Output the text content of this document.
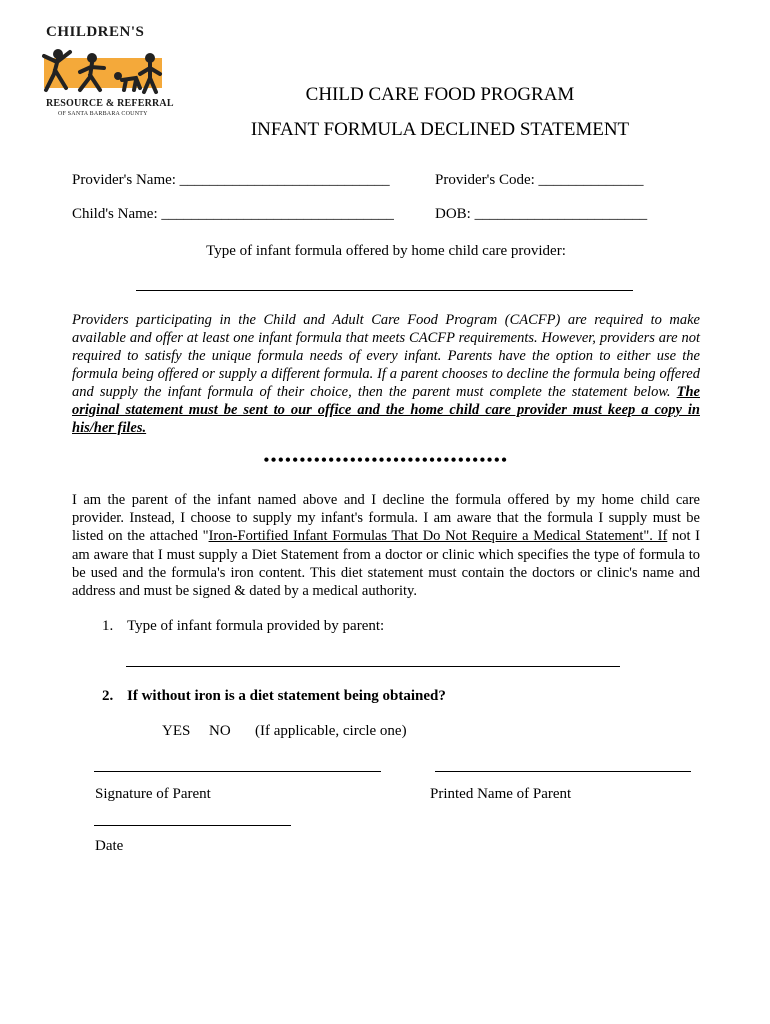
CHILDREN'S
RESOURCE & REFERRAL
OF SANTA BARBARA COUNTY
CHILD CARE FOOD PROGRAM
INFANT FORMULA DECLINED STATEMENT
Provider's Name: ____________________________	Provider's Code: ______________
Child's Name: _______________________________	DOB: _______________________
Type of infant formula offered by home child care provider:
Providers participating in the Child and Adult Care Food Program (CACFP) are required to make available and offer at least one infant formula that meets CACFP requirements. However, providers are not required to satisfy the unique formula needs of every infant. Parents have the option to either use the formula being offered or supply a different formula. If a parent chooses to decline the formula being offered and supply the infant formula of their choice, then the parent must complete the statement below. The original statement must be sent to our office and the home child care provider must keep a copy in his/her files.
••••••••••••••••••••••••••••••••••
I am the parent of the infant named above and I decline the formula offered by my home child care provider. Instead, I choose to supply my infant's formula. I am aware that the formula I supply must be listed on the attached "Iron-Fortified Infant Formulas That Do Not Require a Medical Statement". If not I am aware that I must supply a Diet Statement from a doctor or clinic which specifies the type of formula to be used and the formula's iron content. This diet statement must contain the doctors or clinic's name and address and must be signed & dated by a medical authority.
1. Type of infant formula provided by parent:
2. If without iron is a diet statement being obtained?
YES NO (If applicable, circle one)
Signature of Parent	Printed Name of Parent
Date
